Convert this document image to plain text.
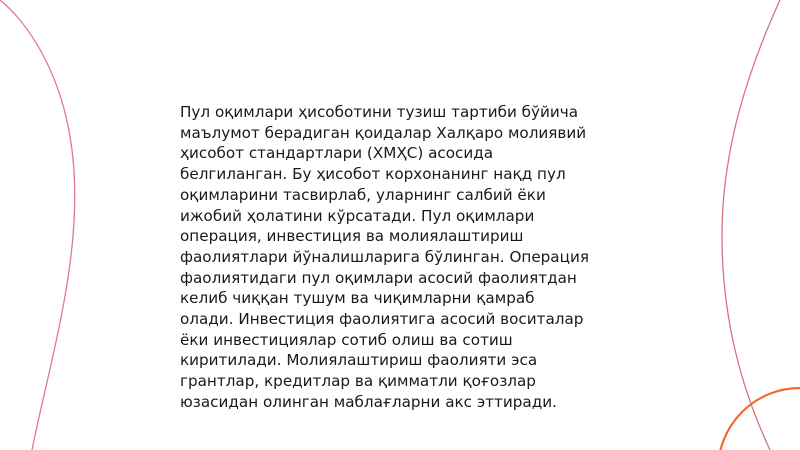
Пул оқимлари ҳисоботини тузиш тартиби бўйича
маълумот берадиган қоидалар Халқаро молиявий
ҳисобот стандартлари (ХМҲС) асосида
белгиланган. Бу ҳисобот корхонанинг нақд пул
оқимларини тасвирлаб, уларнинг салбий ёки
ижобий ҳолатини кўрсатади. Пул оқимлари
операция, инвестиция ва молиялаштириш
фаолиятлари йўналишларига бўлинган. Операция
фаолиятидаги пул оқимлари асосий фаолиятдан
келиб чиққан тушум ва чиқимларни қамраб
олади. Инвестиция фаолиятига асосий воситалар
ёки инвестициялар сотиб олиш ва сотиш
киритилади. Молиялаштириш фаолияти эса
грантлар, кредитлар ва қимматли қоғозлар
юзасидан олинган маблағларни акс эттиради.
